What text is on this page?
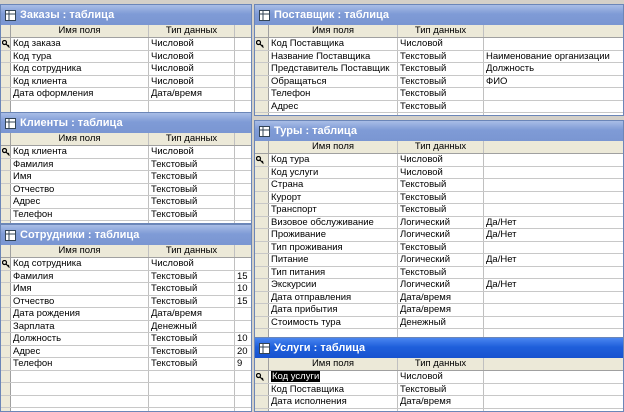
Заказы : таблица
Имя поля	Тип данных
Код заказа	Числовой
Код тура	Числовой
Код сотрудника	Числовой
Код клиента	Числовой
Дата оформления	Дата/время
Поставщик : таблица
Имя поля	Тип данных
Код Поставщика	Числовой
Название Поставщика	Текстовый	Наименование организации
Представитель Поставщик	Текстовый	Должность
Обращаться	Текстовый	ФИО
Телефон	Текстовый
Адрес	Текстовый
Клиенты : таблица
Имя поля	Тип данных
Код клиента	Числовой
Фамилия	Текстовый
Имя	Текстовый
Отчество	Текстовый
Адрес	Текстовый
Телефон	Текстовый
Туры : таблица
Имя поля	Тип данных
Код тура	Числовой
Код услуги	Числовой
Страна	Текстовый
Курорт	Текстовый
Транспорт	Текстовый
Визовое обслуживание	Логический	Да/Нет
Проживание	Логический	Да/Нет
Тип проживания	Текстовый
Питание	Логический	Да/Нет
Тип питания	Текстовый
Экскурсии	Логический	Да/Нет
Дата отправления	Дата/время
Дата прибытия	Дата/время
Стоимость тура	Денежный
Сотрудники : таблица
Имя поля	Тип данных
Код сотрудника	Числовой
Фамилия	Текстовый	15
Имя	Текстовый	10
Отчество	Текстовый	15
Дата рождения	Дата/время
Зарплата	Денежный
Должность	Текстовый	10
Адрес	Текстовый	20
Телефон	Текстовый	9
Услуги : таблица
Имя поля	Тип данных
Код услуги	Числовой
Код Поставщика	Текстовый
Дата исполнения	Дата/время
